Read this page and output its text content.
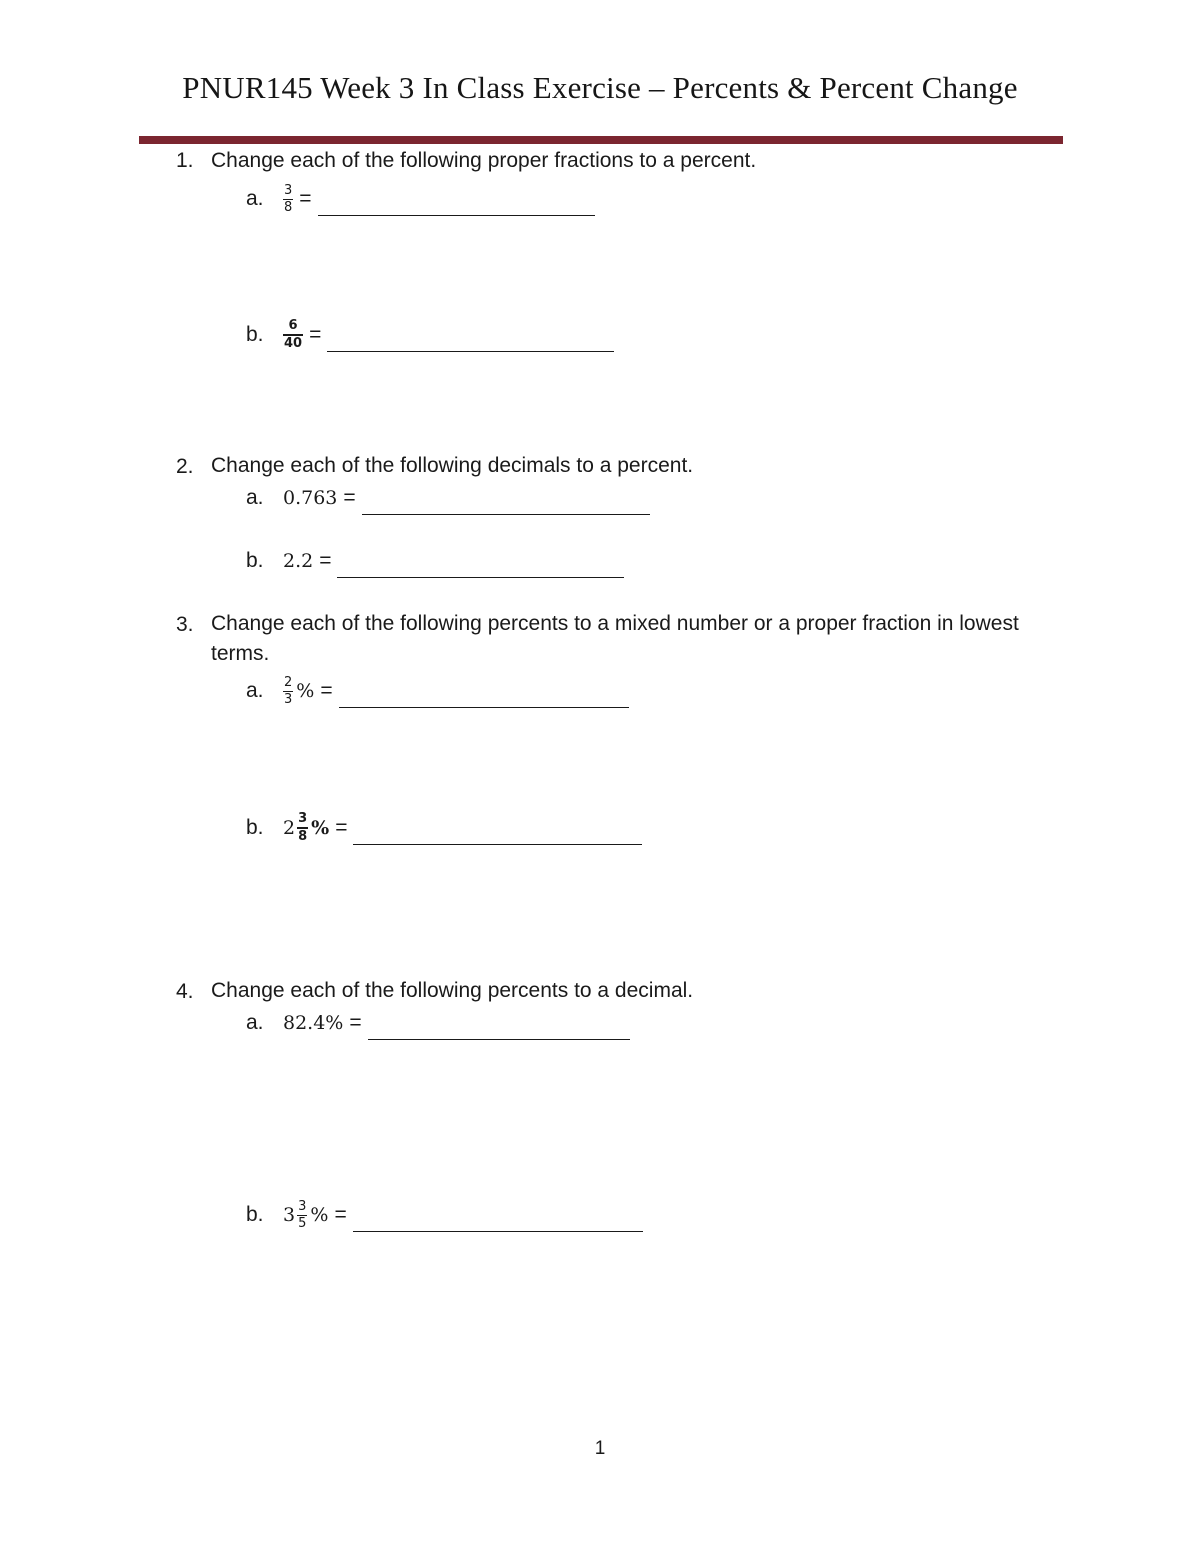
PNUR145 Week 3 In Class Exercise – Percents & Percent Change
1. Change each of the following proper fractions to a percent.
a.	$\frac{3}{8}$ =
b.	$\frac{6}{40}$ =
2. Change each of the following decimals to a percent.
a.	0.763 =
b.	2.2 =
3. Change each of the following percents to a mixed number or a proper fraction in lowest terms.
a.	$\frac{2}{3}$ % =
b.	$2 \frac{3}{8}$ % =
4. Change each of the following percents to a decimal.
a.	82.4% =
b.	$3 \frac{3}{5}$ % =
1
